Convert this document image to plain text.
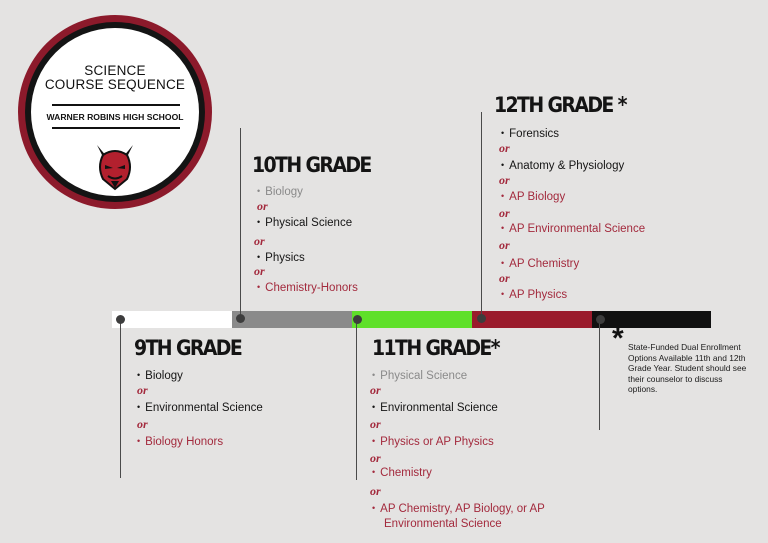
SCIENCE
COURSE SEQUENCE
WARNER ROBINS HIGH SCHOOL
10TH GRADE
• Biology
or
• Physical Science
or
• Physics
or
• Chemistry-Honors
12TH GRADE *
• Forensics
or
• Anatomy & Physiology
or
• AP Biology
or
• AP Environmental Science
or
• AP Chemistry
or
• AP Physics
9TH GRADE
• Biology
or
• Environmental Science
or
• Biology Honors
11TH GRADE*
• Physical Science
or
• Environmental Science
or
• Physics or AP Physics
or
• Chemistry
or
• AP Chemistry, AP Biology, or AP
Environmental Science
* State-Funded Dual Enrollment Options Available 11th and 12th Grade Year. Student should see their counselor to discuss options.
